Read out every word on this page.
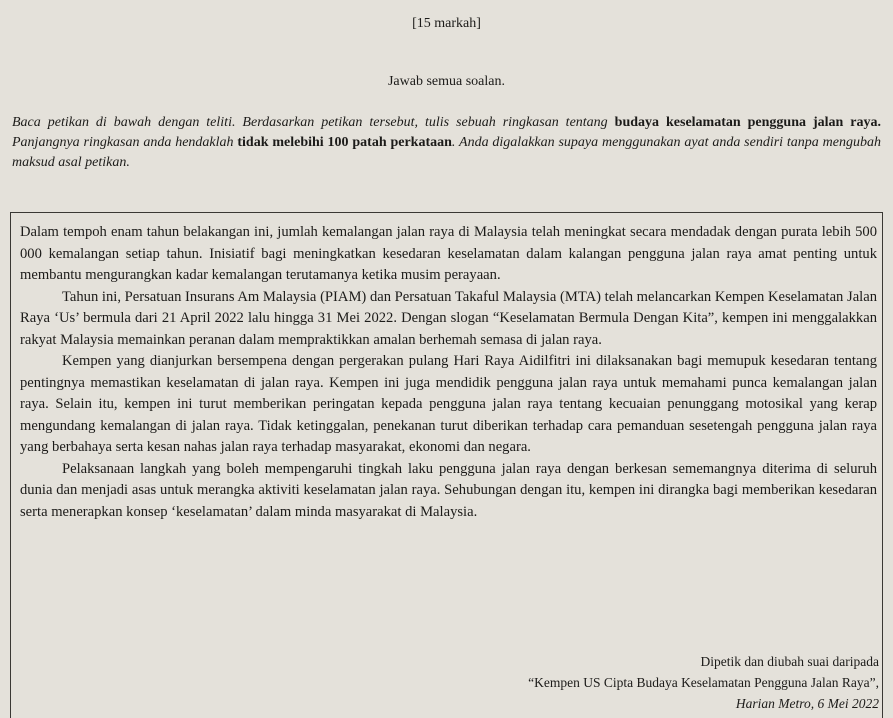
[15 markah]
Jawab semua soalan.
Baca petikan di bawah dengan teliti. Berdasarkan petikan tersebut, tulis sebuah ringkasan tentang budaya keselamatan pengguna jalan raya. Panjangnya ringkasan anda hendaklah tidak melebihi 100 patah perkataan. Anda digalakkan supaya menggunakan ayat anda sendiri tanpa mengubah maksud asal petikan.

Dalam tempoh enam tahun belakangan ini, jumlah kemalangan jalan raya di Malaysia telah meningkat secara mendadak dengan purata lebih 500 000 kemalangan setiap tahun. Inisiatif bagi meningkatkan kesedaran keselamatan dalam kalangan pengguna jalan raya amat penting untuk membantu mengurangkan kadar kemalangan terutamanya ketika musim perayaan.

Tahun ini, Persatuan Insurans Am Malaysia (PIAM) dan Persatuan Takaful Malaysia (MTA) telah melancarkan Kempen Keselamatan Jalan Raya ‘Us’ bermula dari 21 April 2022 lalu hingga 31 Mei 2022. Dengan slogan “Keselamatan Bermula Dengan Kita”, kempen ini menggalakkan rakyat Malaysia memainkan peranan dalam mempraktikkan amalan berhemah semasa di jalan raya.

Kempen yang dianjurkan bersempena dengan pergerakan pulang Hari Raya Aidilfitri ini dilaksanakan bagi memupuk kesedaran tentang pentingnya memastikan keselamatan di jalan raya. Kempen ini juga mendidik pengguna jalan raya untuk memahami punca kemalangan jalan raya. Selain itu, kempen ini turut memberikan peringatan kepada pengguna jalan raya tentang kecuaian penunggang motosikal yang kerap mengundang kemalangan di jalan raya. Tidak ketinggalan, penekanan turut diberikan terhadap cara pemanduan sesetengah pengguna jalan raya yang berbahaya serta kesan nahas jalan raya terhadap masyarakat, ekonomi dan negara.

Pelaksanaan langkah yang boleh mempengaruhi tingkah laku pengguna jalan raya dengan berkesan sememangnya diterima di seluruh dunia dan menjadi asas untuk merangka aktiviti keselamatan jalan raya. Sehubungan dengan itu, kempen ini dirangka bagi memberikan kesedaran serta menerapkan konsep ‘keselamatan’ dalam minda masyarakat di Malaysia.

Dipetik dan diubah suai daripada
“Kempen US Cipta Budaya Keselamatan Pengguna Jalan Raya”,
Harian Metro, 6 Mei 2022
